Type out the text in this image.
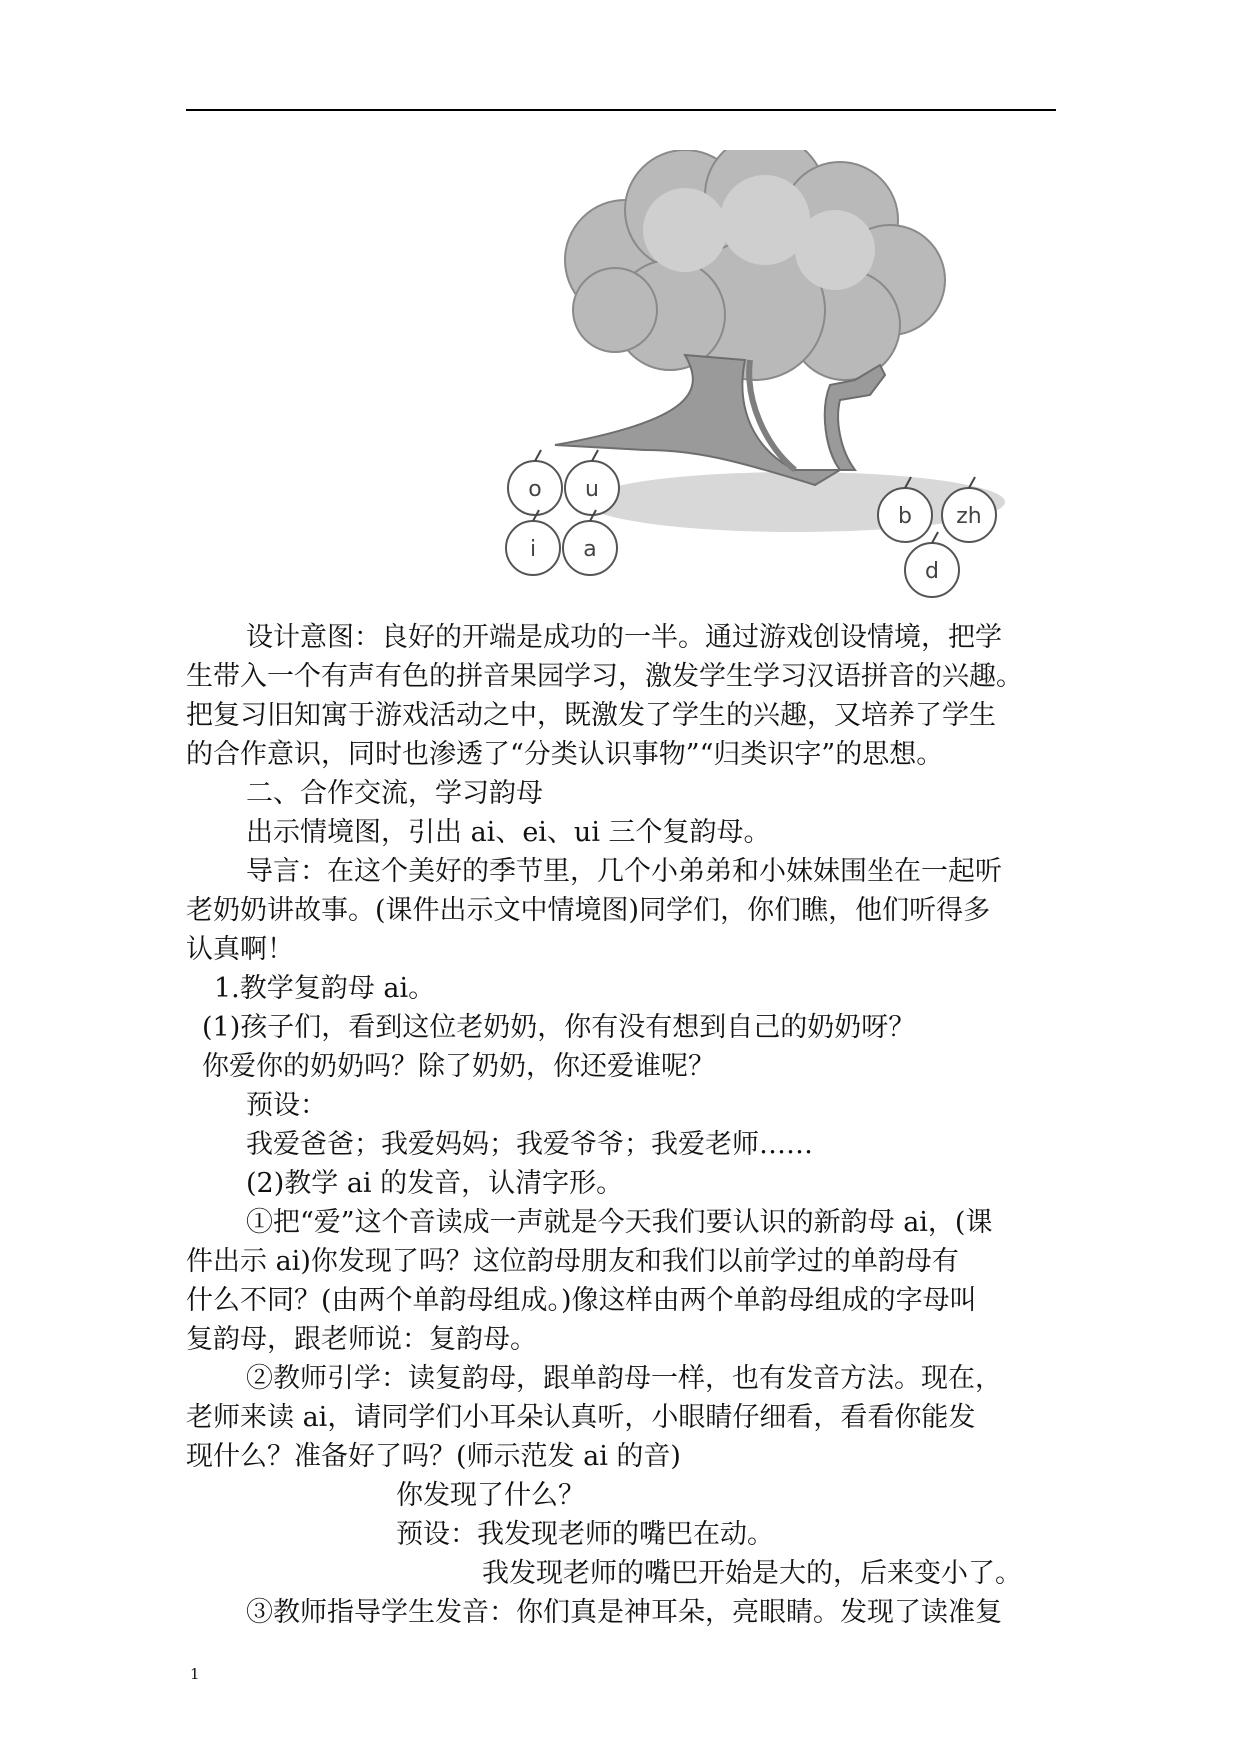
o u
i a
b zh
d

设计意图：良好的开端是成功的一半。通过游戏创设情境，把学

生带入一个有声有色的拼音果园学习，激发学生学习汉语拼音的兴趣。

把复习旧知寓于游戏活动之中，既激发了学生的兴趣，又培养了学生

的合作意识，同时也渗透了“分类认识事物”“归类识字”的思想。

二、合作交流，学习韵母

出示情境图，引出 ai、ei、ui 三个复韵母。

导言：在这个美好的季节里，几个小弟弟和小妹妹围坐在一起听

老奶奶讲故事。(课件出示文中情境图)同学们，你们瞧，他们听得多

认真啊！

1.教学复韵母 ai。

(1)孩子们，看到这位老奶奶，你有没有想到自己的奶奶呀？

你爱你的奶奶吗？除了奶奶，你还爱谁呢？

预设：

我爱爸爸；我爱妈妈；我爱爷爷；我爱老师……

(2)教学 ai 的发音，认清字形。

①把“爱”这个音读成一声就是今天我们要认识的新韵母 ai，(课

件出示 ai)你发现了吗？这位韵母朋友和我们以前学过的单韵母有

什么不同？(由两个单韵母组成。)像这样由两个单韵母组成的字母叫

复韵母，跟老师说：复韵母。

②教师引学：读复韵母，跟单韵母一样，也有发音方法。现在，

老师来读 ai，请同学们小耳朵认真听，小眼睛仔细看，看看你能发

现什么？准备好了吗？(师示范发 ai 的音)

你发现了什么？

预设：我发现老师的嘴巴在动。

我发现老师的嘴巴开始是大的，后来变小了。

③教师指导学生发音：你们真是神耳朵，亮眼睛。发现了读准复

1
